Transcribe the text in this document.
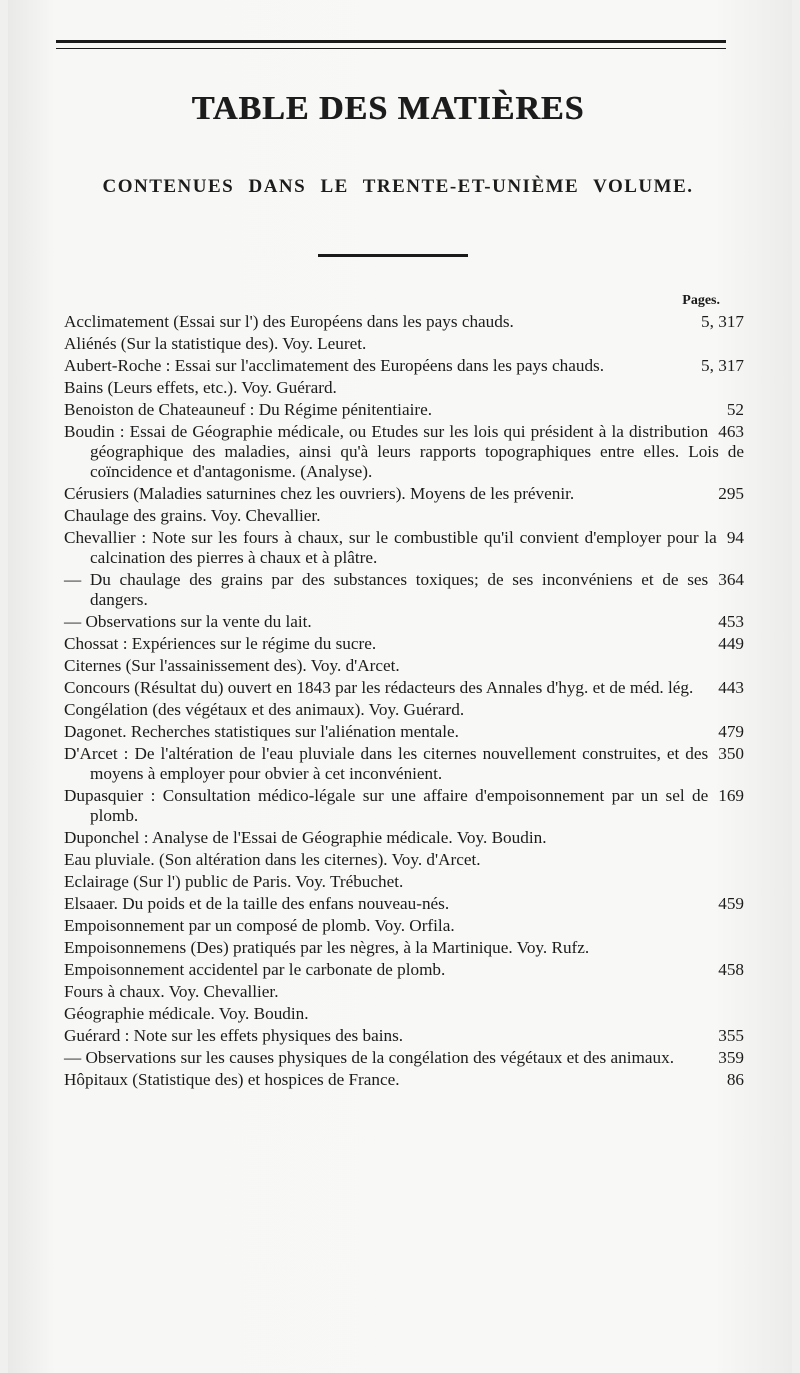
TABLE DES MATIÈRES
CONTENUES DANS LE TRENTE-ET-UNIÈME VOLUME.
Pages.
5, 317
Acclimatement (Essai sur l') des Européens dans les pays chauds.
Aliénés (Sur la statistique des). Voy. Leuret.
5, 317
Aubert-Roche : Essai sur l'acclimatement des Européens dans les pays chauds.
Bains (Leurs effets, etc.). Voy. Guérard.
52
Benoiston de Chateauneuf : Du Régime pénitentiaire.
463
Boudin : Essai de Géographie médicale, ou Etudes sur les lois qui président à la distribution géographique des maladies, ainsi qu'à leurs rapports topographiques entre elles. Lois de coïncidence et d'antagonisme. (Analyse).
295
Cérusiers (Maladies saturnines chez les ouvriers). Moyens de les prévenir.
Chaulage des grains. Voy. Chevallier.
94
Chevallier : Note sur les fours à chaux, sur le combustible qu'il convient d'employer pour la calcination des pierres à chaux et à plâtre.
364
— Du chaulage des grains par des substances toxiques; de ses inconvéniens et de ses dangers.
453
— Observations sur la vente du lait.
449
Chossat : Expériences sur le régime du sucre.
Citernes (Sur l'assainissement des). Voy. d'Arcet.
443
Concours (Résultat du) ouvert en 1843 par les rédacteurs des Annales d'hyg. et de méd. lég.
Congélation (des végétaux et des animaux). Voy. Guérard.
479
Dagonet. Recherches statistiques sur l'aliénation mentale.
350
D'Arcet : De l'altération de l'eau pluviale dans les citernes nouvellement construites, et des moyens à employer pour obvier à cet inconvénient.
169
Dupasquier : Consultation médico-légale sur une affaire d'empoisonnement par un sel de plomb.
Duponchel : Analyse de l'Essai de Géographie médicale. Voy. Boudin.
Eau pluviale. (Son altération dans les citernes). Voy. d'Arcet.
Eclairage (Sur l') public de Paris. Voy. Trébuchet.
459
Elsaaer. Du poids et de la taille des enfans nouveau-nés.
Empoisonnement par un composé de plomb. Voy. Orfila.
Empoisonnemens (Des) pratiqués par les nègres, à la Martinique. Voy. Rufz.
458
Empoisonnement accidentel par le carbonate de plomb.
Fours à chaux. Voy. Chevallier.
Géographie médicale. Voy. Boudin.
355
Guérard : Note sur les effets physiques des bains.
359
— Observations sur les causes physiques de la congélation des végétaux et des animaux.
86
Hôpitaux (Statistique des) et hospices de France.
